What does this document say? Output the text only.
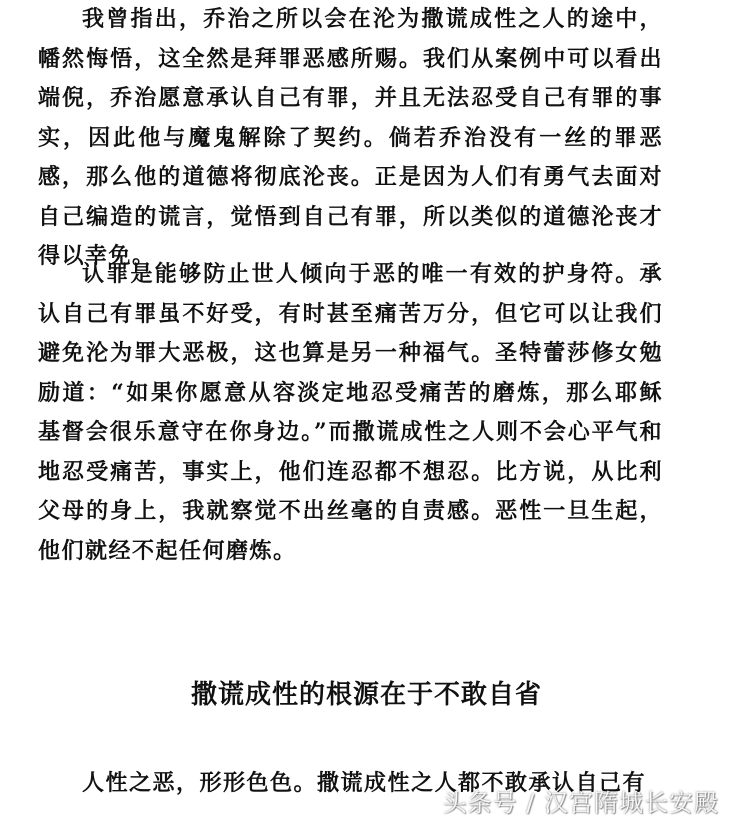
我曾指出，乔治之所以会在沦为撒谎成性之人的途中，幡然悔悟，这全然是拜罪恶感所赐。我们从案例中可以看出端倪，乔治愿意承认自己有罪，并且无法忍受自己有罪的事实，因此他与魔鬼解除了契约。倘若乔治没有一丝的罪恶感，那么他的道德将彻底沦丧。正是因为人们有勇气去面对自己编造的谎言，觉悟到自己有罪，所以类似的道德沦丧才得以幸免。

认罪是能够防止世人倾向于恶的唯一有效的护身符。承认自己有罪虽不好受，有时甚至痛苦万分，但它可以让我们避免沦为罪大恶极，这也算是另一种福气。圣特蕾莎修女勉励道：“如果你愿意从容淡定地忍受痛苦的磨炼，那么耶稣基督会很乐意守在你身边。”而撒谎成性之人则不会心平气和地忍受痛苦，事实上，他们连忍都不想忍。比方说，从比利父母的身上，我就察觉不出丝毫的自责感。恶性一旦生起，他们就经不起任何磨炼。

撒谎成性的根源在于不敢自省

人性之恶，形形色色。撒谎成性之人都不敢承认自己有

头条号 / 汉宫隋城长安殿
